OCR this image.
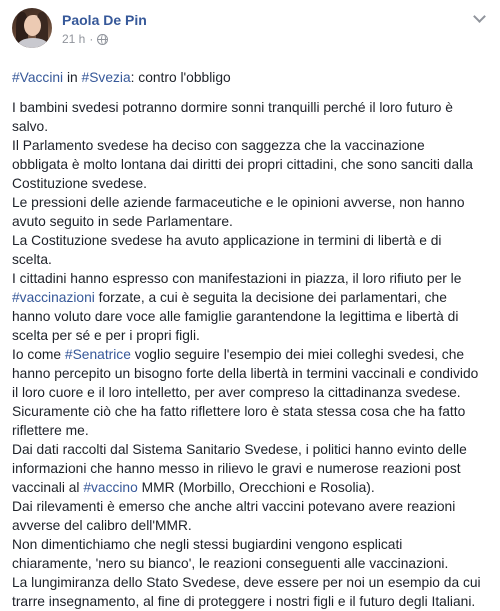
Paola De Pin
21 h ·

#Vaccini in #Svezia: contro l'obbligo

I bambini svedesi potranno dormire sonni tranquilli perché il loro futuro è salvo.

Il Parlamento svedese ha deciso con saggezza che la vaccinazione obbligata è molto lontana dai diritti dei propri cittadini, che sono sanciti dalla Costituzione svedese.

Le pressioni delle aziende farmaceutiche e le opinioni avverse, non hanno avuto seguito in sede Parlamentare.

La Costituzione svedese ha avuto applicazione in termini di libertà e di scelta.

I cittadini hanno espresso con manifestazioni in piazza, il loro rifiuto per le #vaccinazioni forzate, a cui è seguita la decisione dei parlamentari, che hanno voluto dare voce alle famiglie garantendone la legittima e libertà di scelta per sé e per i propri figli.

Io come #Senatrice voglio seguire l'esempio dei miei colleghi svedesi, che hanno percepito un bisogno forte della libertà in termini vaccinali e condivido il loro cuore e il loro intelletto, per aver compreso la cittadinanza svedese.

Sicuramente ciò che ha fatto riflettere loro è stata stessa cosa che ha fatto riflettere me.

Dai dati raccolti dal Sistema Sanitario Svedese, i politici hanno evinto delle informazioni che hanno messo in rilievo le gravi e numerose reazioni post vaccinali al #vaccino MMR (Morbillo, Orecchioni e Rosolia).

Dai rilevamenti è emerso che anche altri vaccini potevano avere reazioni avverse del calibro dell'MMR.

Non dimentichiamo che negli stessi bugiardini vengono esplicati chiaramente, 'nero su bianco', le reazioni conseguenti alle vaccinazioni.

La lungimiranza dello Stato Svedese, deve essere per noi un esempio da cui trarre insegnamento, al fine di proteggere i nostri figli e il futuro degli Italiani.
